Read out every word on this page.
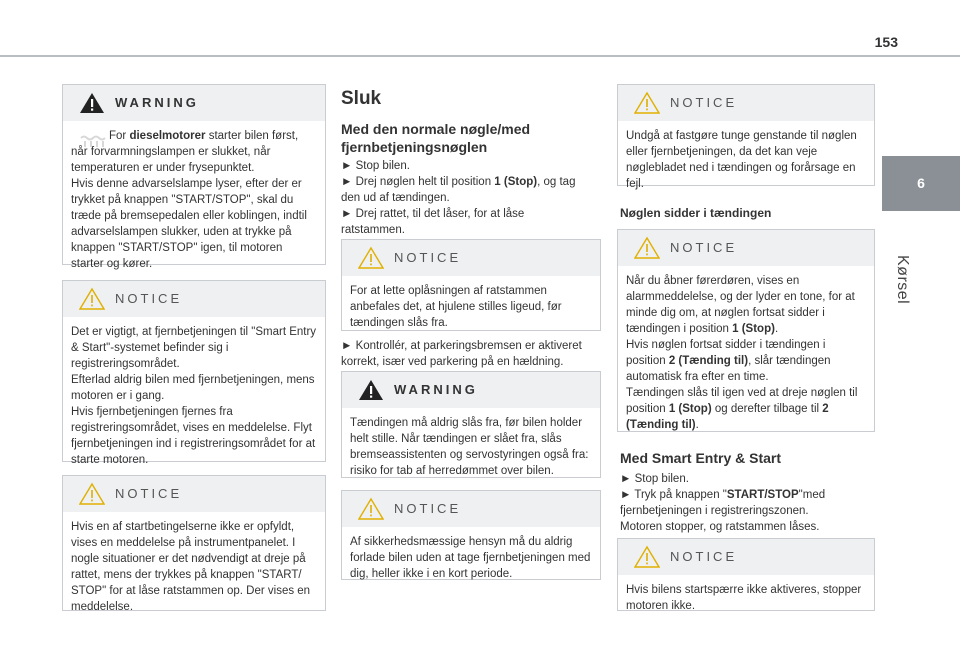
153
6
Kørsel
WARNING
For dieselmotorer starter bilen først, når forvarmningslampen er slukket, når temperaturen er under frysepunktet.
Hvis denne advarselslampe lyser, efter der er trykket på knappen "START/STOP", skal du træde på bremsepedalen eller koblingen, indtil advarselslampen slukker, uden at trykke på knappen "START/STOP" igen, til motoren starter og kører.
NOTICE
Det er vigtigt, at fjernbetjeningen til "Smart Entry & Start"-systemet befinder sig i registreringsområdet.
Efterlad aldrig bilen med fjernbetjeningen, mens motoren er i gang.
Hvis fjernbetjeningen fjernes fra registreringsområdet, vises en meddelelse. Flyt fjernbetjeningen ind i registreringsområdet for at starte motoren.
NOTICE
Hvis en af startbetingelserne ikke er opfyldt, vises en meddelelse på instrumentpanelet. I nogle situationer er det nødvendigt at dreje på rattet, mens der trykkes på knappen "START/ STOP" for at låse ratstammen op. Der vises en meddelelse.
Sluk
Med den normale nøgle/med fjernbetjeningsnøglen
► Stop bilen.
► Drej nøglen helt til position 1 (Stop), og tag den ud af tændingen.
► Drej rattet, til det låser, for at låse ratstammen.
NOTICE
For at lette oplåsningen af ratstammen anbefales det, at hjulene stilles ligeud, før tændingen slås fra.
► Kontrollér, at parkeringsbremsen er aktiveret korrekt, især ved parkering på en hældning.
WARNING
Tændingen må aldrig slås fra, før bilen holder helt stille. Når tændingen er slået fra, slås bremseassistenten og servostyringen også fra: risiko for tab af herredømmet over bilen.
NOTICE
Af sikkerhedsmæssige hensyn må du aldrig forlade bilen uden at tage fjernbetjeningen med dig, heller ikke i en kort periode.
NOTICE
Undgå at fastgøre tunge genstande til nøglen eller fjernbetjeningen, da det kan veje nøglebladet ned i tændingen og forårsage en fejl.
Nøglen sidder i tændingen
NOTICE
Når du åbner førerdøren, vises en alarmmeddelelse, og der lyder en tone, for at minde dig om, at nøglen fortsat sidder i tændingen i position 1 (Stop).
Hvis nøglen fortsat sidder i tændingen i position 2 (Tænding til), slår tændingen automatisk fra efter en time.
Tændingen slås til igen ved at dreje nøglen til position 1 (Stop) og derefter tilbage til 2 (Tænding til).
Med Smart Entry & Start
► Stop bilen.
► Tryk på knappen "START/STOP"med fjernbetjeningen i registreringszonen.
Motoren stopper, og ratstammen låses.
NOTICE
Hvis bilens startspærre ikke aktiveres, stopper motoren ikke.
